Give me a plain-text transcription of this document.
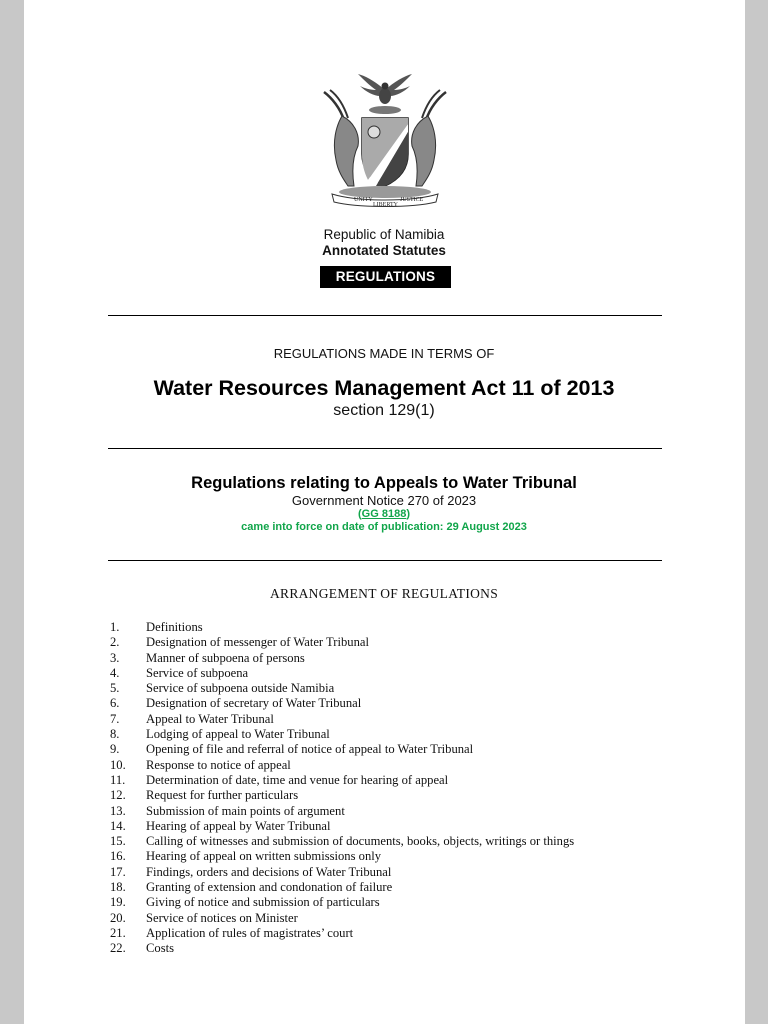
UNITY
LIBERTY
JUSTICE
Republic of Namibia
Annotated Statutes
REGULATIONS
REGULATIONS MADE IN TERMS OF
Water Resources Management Act 11 of 2013
section 129(1)
Regulations relating to Appeals to Water Tribunal
Government Notice 270 of 2023
(GG 8188)
came into force on date of publication: 29 August 2023
ARRANGEMENT OF REGULATIONS
1.	Definitions
2.	Designation of messenger of Water Tribunal
3.	Manner of subpoena of persons
4.	Service of subpoena
5.	Service of subpoena outside Namibia
6.	Designation of secretary of Water Tribunal
7.	Appeal to Water Tribunal
8.	Lodging of appeal to Water Tribunal
9.	Opening of file and referral of notice of appeal to Water Tribunal
10.	Response to notice of appeal
11.	Determination of date, time and venue for hearing of appeal
12.	Request for further particulars
13.	Submission of main points of argument
14.	Hearing of appeal by Water Tribunal
15.	Calling of witnesses and submission of documents, books, objects, writings or things
16.	Hearing of appeal on written submissions only
17.	Findings, orders and decisions of Water Tribunal
18.	Granting of extension and condonation of failure
19.	Giving of notice and submission of particulars
20.	Service of notices on Minister
21.	Application of rules of magistrates’ court
22.	Costs
